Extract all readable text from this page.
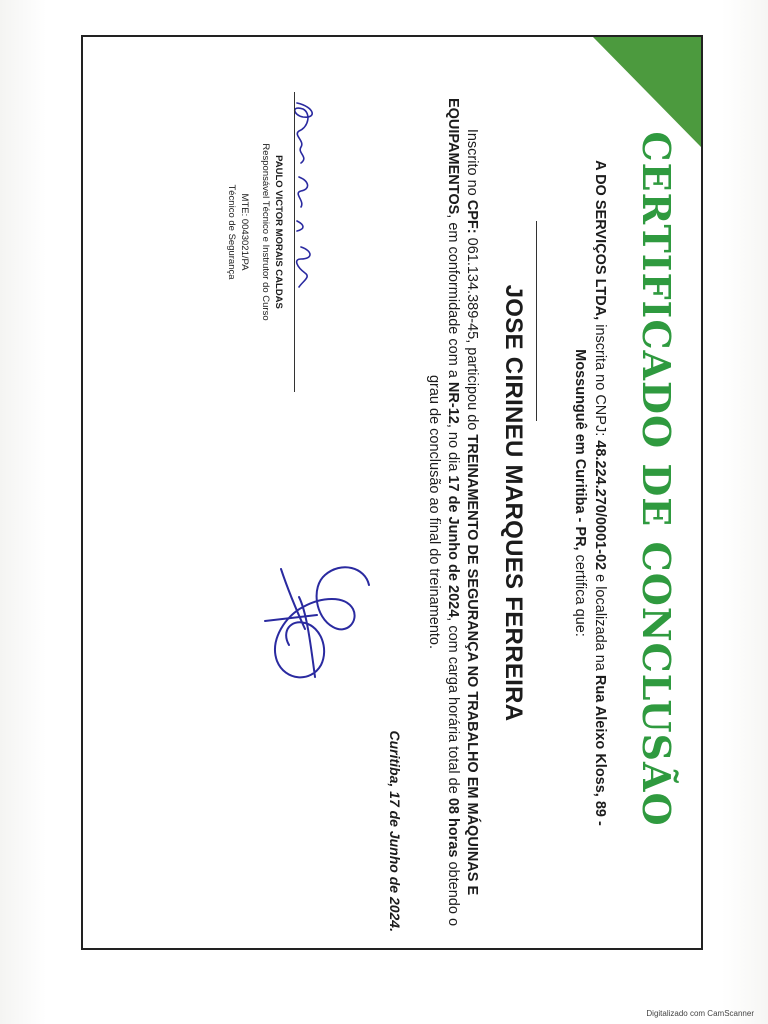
CERTIFICADO DE CONCLUSÃO
A DO SERVIÇOS LTDA, inscrita no CNPJ: 48.224.270/0001-02 e localizada na Rua Aleixo Kloss, 89 - Mossunguê em Curitiba - PR, certifica que:
JOSE CIRINEU MARQUES FERREIRA
Inscrito no CPF: 061.134.389-45, participou do TREINAMENTO DE SEGURANÇA NO TRABALHO EM MÁQUINAS E EQUIPAMENTOS, em conformidade com a NR-12, no dia 17 de Junho de 2024, com carga horária total de 08 horas obtendo o grau de conclusão ao final do treinamento.
Curitiba, 17 de Junho de 2024.
PAULO VICTOR MORAIS CALDAS
Responsável Técnico e Instrutor do Curso
MTE: 0043021/PA
Técnico de Segurança
Digitalizado com CamScanner
